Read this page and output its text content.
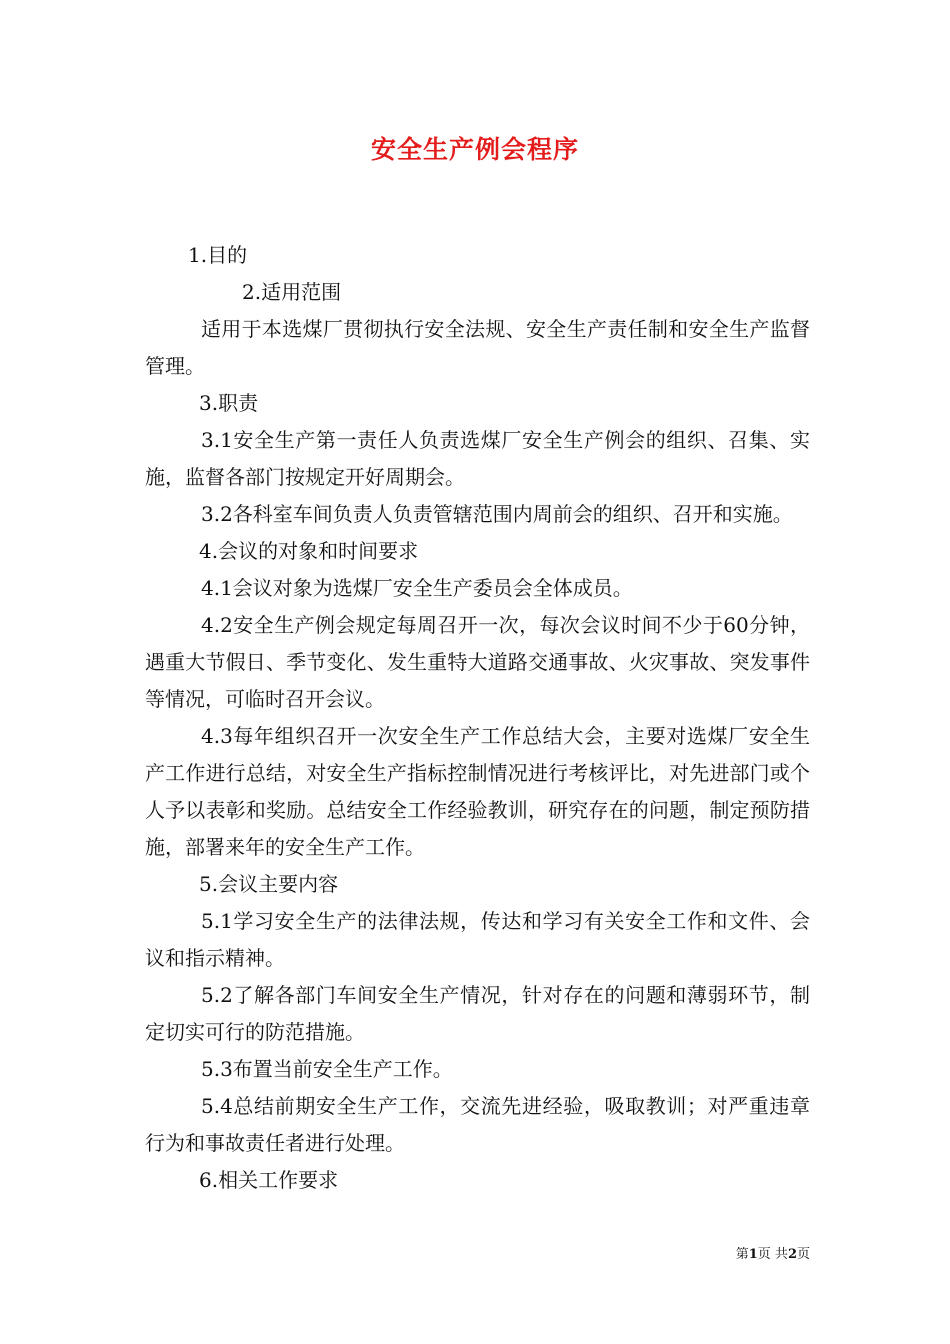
安全生产例会程序

1.目的

2.适用范围

适用于本选煤厂贯彻执行安全法规、安全生产责任制和安全生产监督管理。

3.职责

3.1安全生产第一责任人负责选煤厂安全生产例会的组织、召集、实施，监督各部门按规定开好周期会。

3.2各科室车间负责人负责管辖范围内周前会的组织、召开和实施。

4.会议的对象和时间要求

4.1会议对象为选煤厂安全生产委员会全体成员。

4.2安全生产例会规定每周召开一次，每次会议时间不少于60分钟，遇重大节假日、季节变化、发生重特大道路交通事故、火灾事故、突发事件等情况，可临时召开会议。

4.3每年组织召开一次安全生产工作总结大会，主要对选煤厂安全生产工作进行总结，对安全生产指标控制情况进行考核评比，对先进部门或个人予以表彰和奖励。总结安全工作经验教训，研究存在的问题，制定预防措施，部署来年的安全生产工作。

5.会议主要内容

5.1学习安全生产的法律法规，传达和学习有关安全工作和文件、会议和指示精神。

5.2了解各部门车间安全生产情况，针对存在的问题和薄弱环节，制定切实可行的防范措施。

5.3布置当前安全生产工作。

5.4总结前期安全生产工作，交流先进经验，吸取教训；对严重违章行为和事故责任者进行处理。

6.相关工作要求

第1页 共2页
